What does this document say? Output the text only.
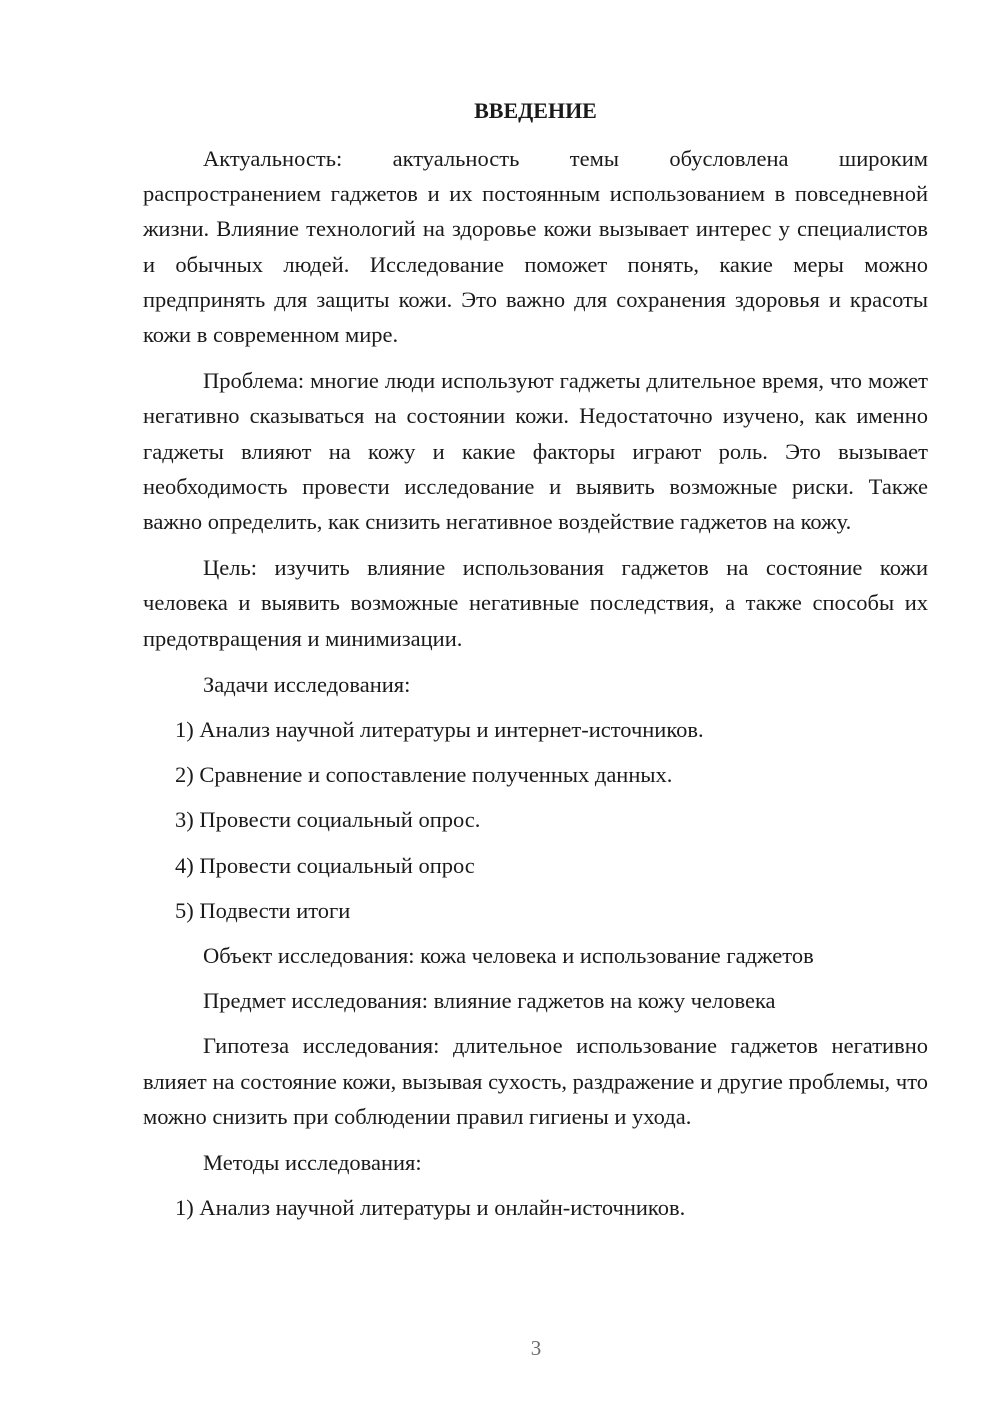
ВВЕДЕНИЕ

Актуальность: актуальность темы обусловлена широким распространением гаджетов и их постоянным использованием в повседневной жизни. Влияние технологий на здоровье кожи вызывает интерес у специалистов и обычных людей. Исследование поможет понять, какие меры можно предпринять для защиты кожи. Это важно для сохранения здоровья и красоты кожи в современном мире.

Проблема: многие люди используют гаджеты длительное время, что может негативно сказываться на состоянии кожи. Недостаточно изучено, как именно гаджеты влияют на кожу и какие факторы играют роль. Это вызывает необходимость провести исследование и выявить возможные риски. Также важно определить, как снизить негативное воздействие гаджетов на кожу.

Цель: изучить влияние использования гаджетов на состояние кожи человека и выявить возможные негативные последствия, а также способы их предотвращения и минимизации.

Задачи исследования:
1) Анализ научной литературы и интернет-источников.
2) Сравнение и сопоставление полученных данных.
3) Провести социальный опрос.
4) Провести социальный опрос
5) Подвести итоги
Объект исследования: кожа человека и использование гаджетов
Предмет исследования: влияние гаджетов на кожу человека

Гипотеза исследования: длительное использование гаджетов негативно влияет на состояние кожи, вызывая сухость, раздражение и другие проблемы, что можно снизить при соблюдении правил гигиены и ухода.

Методы исследования:
1) Анализ научной литературы и онлайн-источников.
3
